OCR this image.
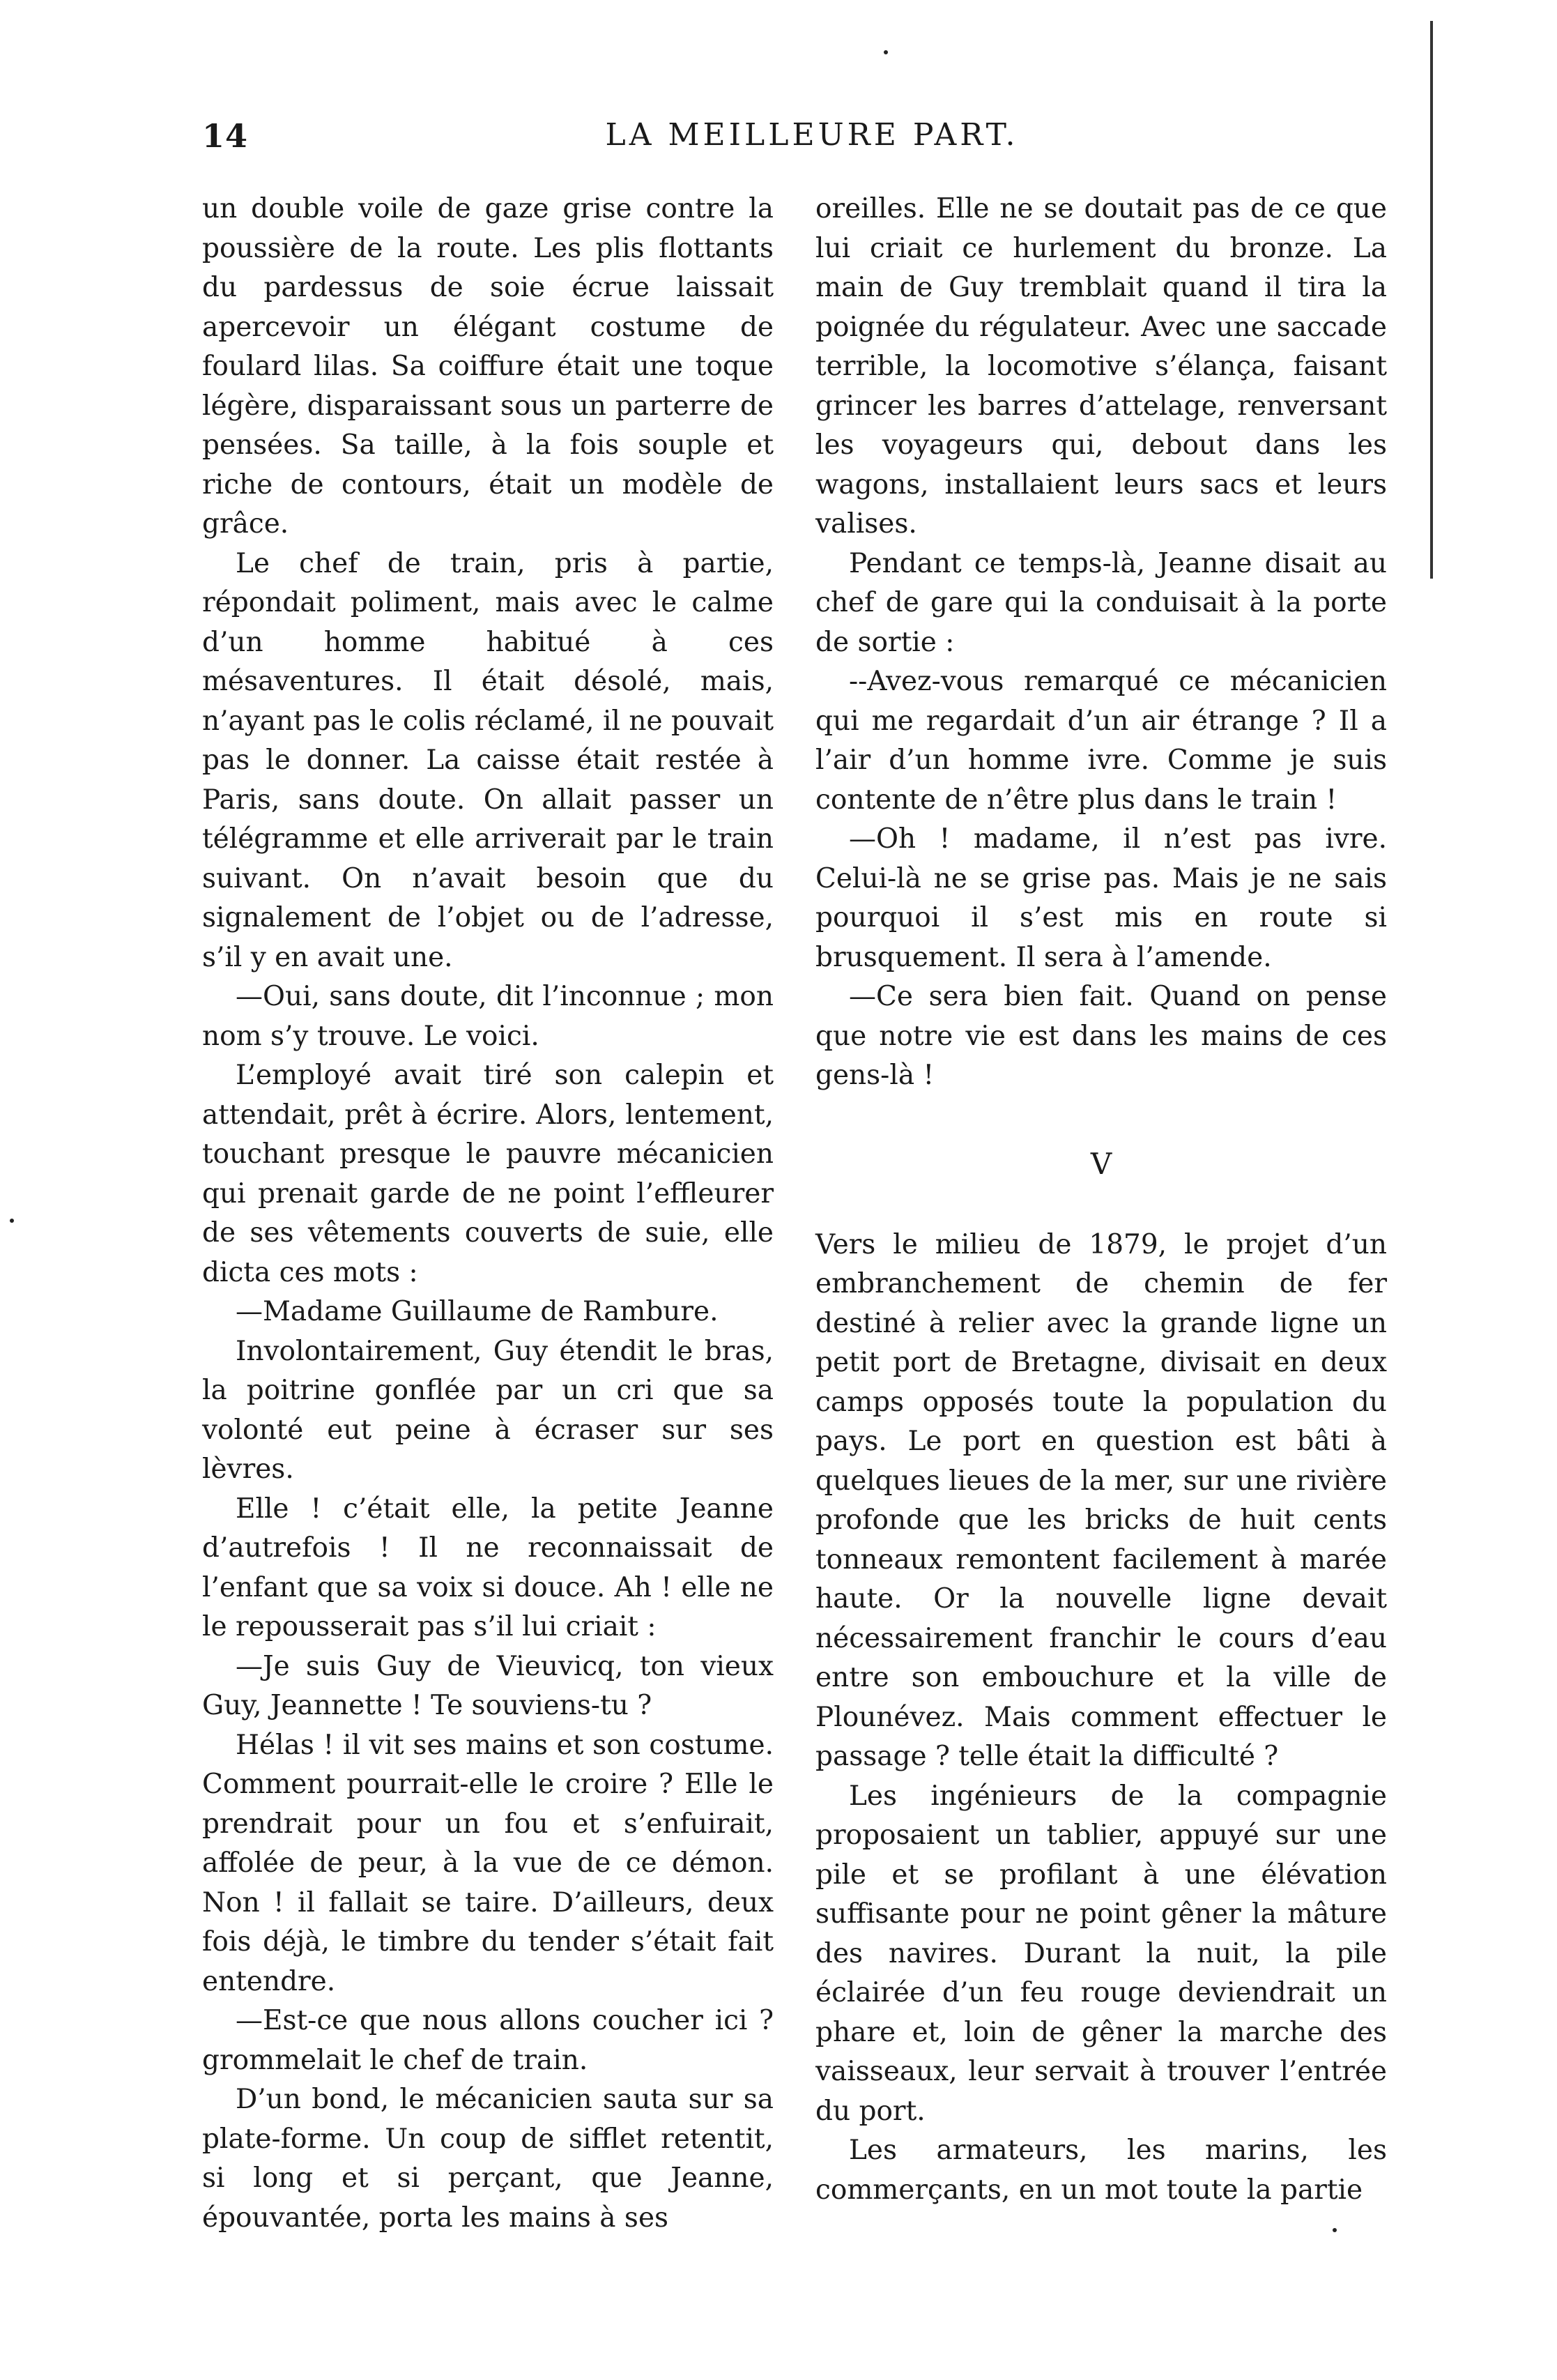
14	LA MEILLEURE PART.

un double voile de gaze grise contre la poussière de la route. Les plis flottants du pardessus de soie écrue laissait apercevoir un élégant costume de foulard lilas. Sa coiffure était une toque légère, disparaissant sous un parterre de pensées. Sa taille, à la fois souple et riche de contours, était un modèle de grâce.

Le chef de train, pris à partie, répondait poliment, mais avec le calme d’un homme habitué à ces mésaventures. Il était désolé, mais, n’ayant pas le colis réclamé, il ne pouvait pas le donner. La caisse était restée à Paris, sans doute. On allait passer un télégramme et elle arriverait par le train suivant. On n’avait besoin que du signalement de l’objet ou de l’adresse, s’il y en avait une.

—Oui, sans doute, dit l’inconnue ; mon nom s’y trouve. Le voici.

L’employé avait tiré son calepin et attendait, prêt à écrire. Alors, lentement, touchant presque le pauvre mécanicien qui prenait garde de ne point l’effleurer de ses vêtements couverts de suie, elle dicta ces mots :

—Madame Guillaume de Rambure.

Involontairement, Guy étendit le bras, la poitrine gonflée par un cri que sa volonté eut peine à écraser sur ses lèvres.

Elle ! c’était elle, la petite Jeanne d’autrefois ! Il ne reconnaissait de l’enfant que sa voix si douce. Ah ! elle ne le repousserait pas s’il lui criait :

—Je suis Guy de Vieuvicq, ton vieux Guy, Jeannette ! Te souviens-tu ?

Hélas ! il vit ses mains et son costume. Comment pourrait-elle le croire ? Elle le prendrait pour un fou et s’enfuirait, affolée de peur, à la vue de ce démon. Non ! il fallait se taire. D’ailleurs, deux fois déjà, le timbre du tender s’était fait entendre.

—Est-ce que nous allons coucher ici ? grommelait le chef de train.

D’un bond, le mécanicien sauta sur sa plate-forme. Un coup de sifflet retentit, si long et si perçant, que Jeanne, épouvantée, porta les mains à ses

oreilles. Elle ne se doutait pas de ce que lui criait ce hurlement du bronze. La main de Guy tremblait quand il tira la poignée du régulateur. Avec une saccade terrible, la locomotive s’élança, faisant grincer les barres d’attelage, renversant les voyageurs qui, debout dans les wagons, installaient leurs sacs et leurs valises.

Pendant ce temps-là, Jeanne disait au chef de gare qui la conduisait à la porte de sortie :

--Avez-vous remarqué ce mécanicien qui me regardait d’un air étrange ? Il a l’air d’un homme ivre. Comme je suis contente de n’être plus dans le train !

—Oh ! madame, il n’est pas ivre. Celui-là ne se grise pas. Mais je ne sais pourquoi il s’est mis en route si brusquement. Il sera à l’amende.

—Ce sera bien fait. Quand on pense que notre vie est dans les mains de ces gens-là !

V

Vers le milieu de 1879, le projet d’un embranchement de chemin de fer destiné à relier avec la grande ligne un petit port de Bretagne, divisait en deux camps opposés toute la population du pays. Le port en question est bâti à quelques lieues de la mer, sur une rivière profonde que les bricks de huit cents tonneaux remontent facilement à marée haute. Or la nouvelle ligne devait nécessairement franchir le cours d’eau entre son embouchure et la ville de Plounévez. Mais comment effectuer le passage ? telle était la difficulté ?

Les ingénieurs de la compagnie proposaient un tablier, appuyé sur une pile et se profilant à une élévation suffisante pour ne point gêner la mâture des navires. Durant la nuit, la pile éclairée d’un feu rouge deviendrait un phare et, loin de gêner la marche des vaisseaux, leur servait à trouver l’entrée du port.

Les armateurs, les marins, les commerçants, en un mot toute la partie
